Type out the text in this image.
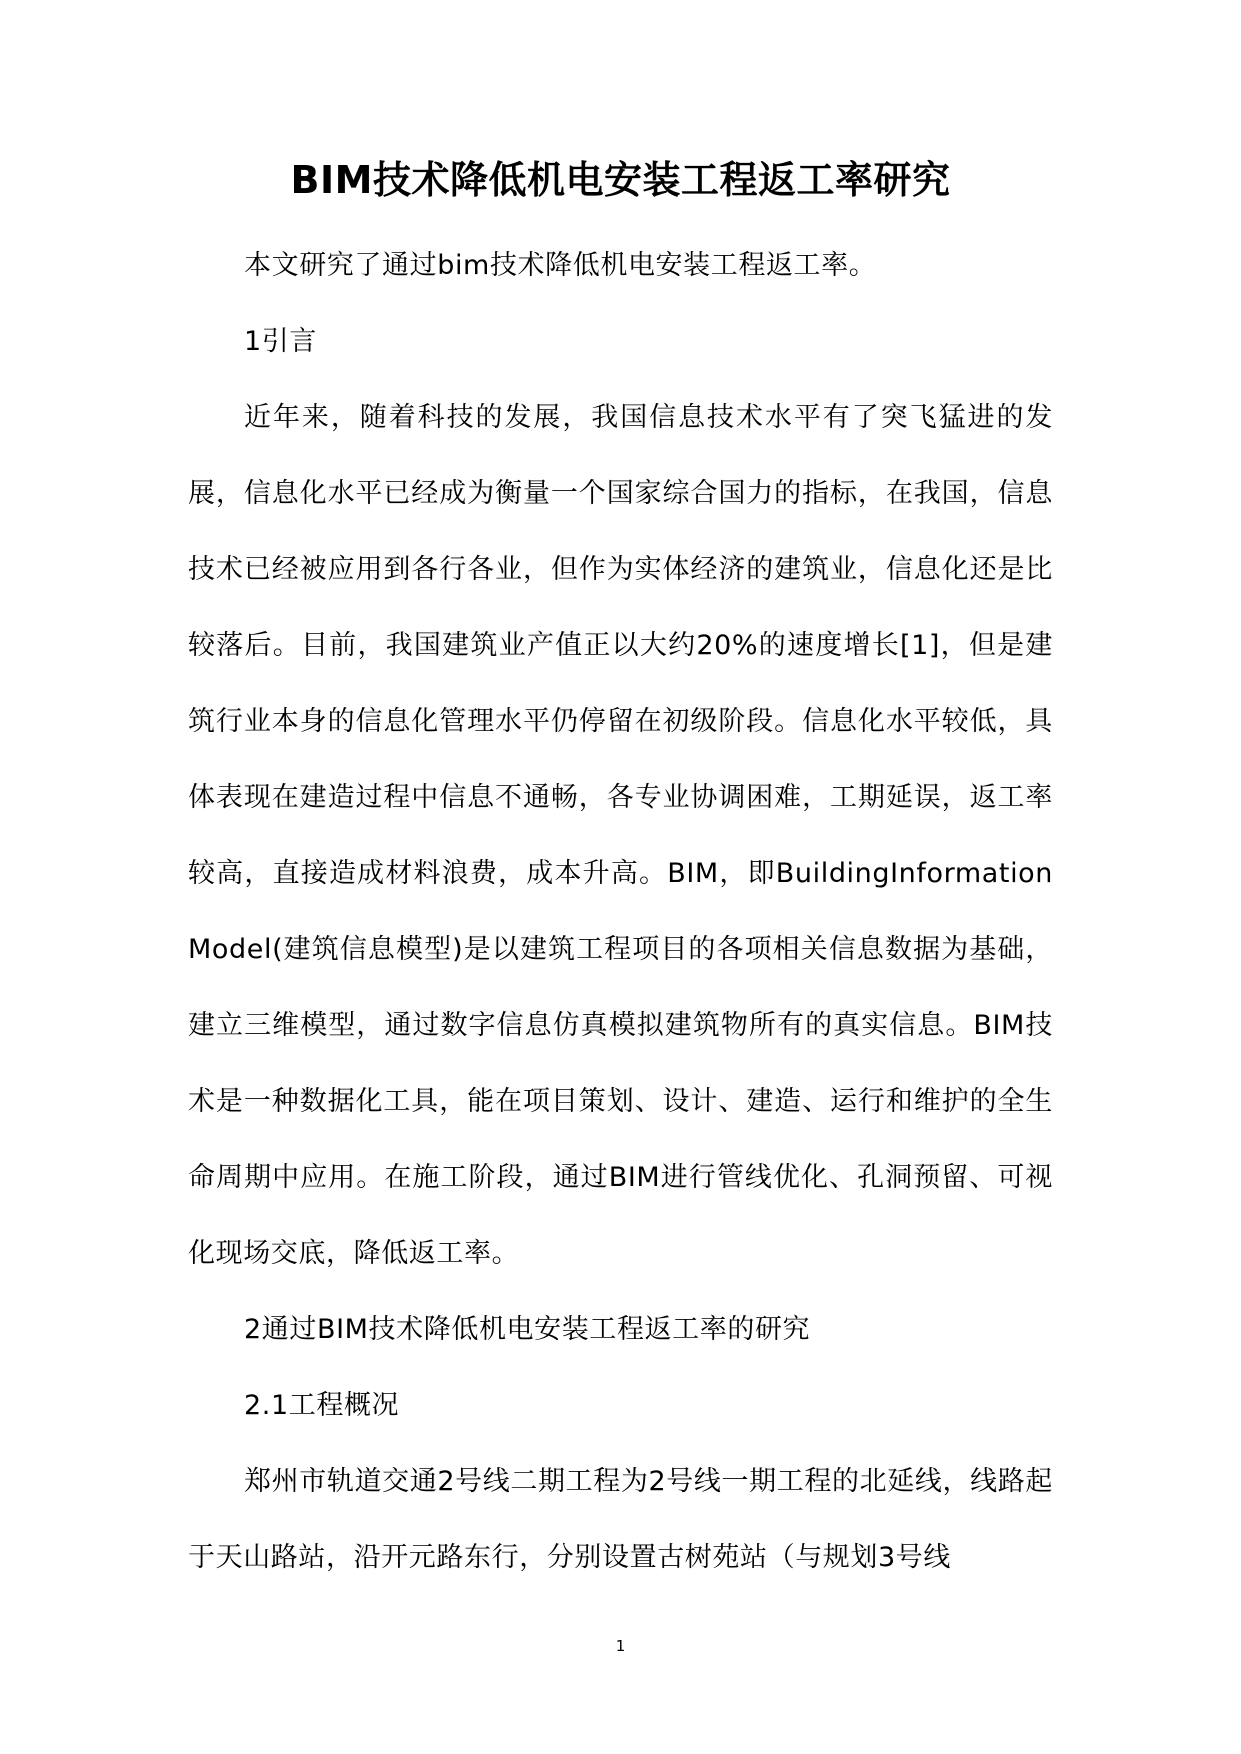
BIM技术降低机电安装工程返工率研究

本文研究了通过bim技术降低机电安装工程返工率。

1引言

近年来，随着科技的发展，我国信息技术水平有了突飞猛进的发展，信息化水平已经成为衡量一个国家综合国力的指标，在我国，信息技术已经被应用到各行各业，但作为实体经济的建筑业，信息化还是比较落后。目前，我国建筑业产值正以大约20%的速度增长[1]，但是建筑行业本身的信息化管理水平仍停留在初级阶段。信息化水平较低，具体表现在建造过程中信息不通畅，各专业协调困难，工期延误，返工率较高，直接造成材料浪费，成本升高。BIM，即BuildingInformationModel(建筑信息模型)是以建筑工程项目的各项相关信息数据为基础，建立三维模型，通过数字信息仿真模拟建筑物所有的真实信息。BIM技术是一种数据化工具，能在项目策划、设计、建造、运行和维护的全生命周期中应用。在施工阶段，通过BIM进行管线优化、孔洞预留、可视化现场交底，降低返工率。

2通过BIM技术降低机电安装工程返工率的研究

2.1工程概况

郑州市轨道交通2号线二期工程为2号线一期工程的北延线，线路起于天山路站，沿开元路东行，分别设置古树苑站（与规划3号线

1
